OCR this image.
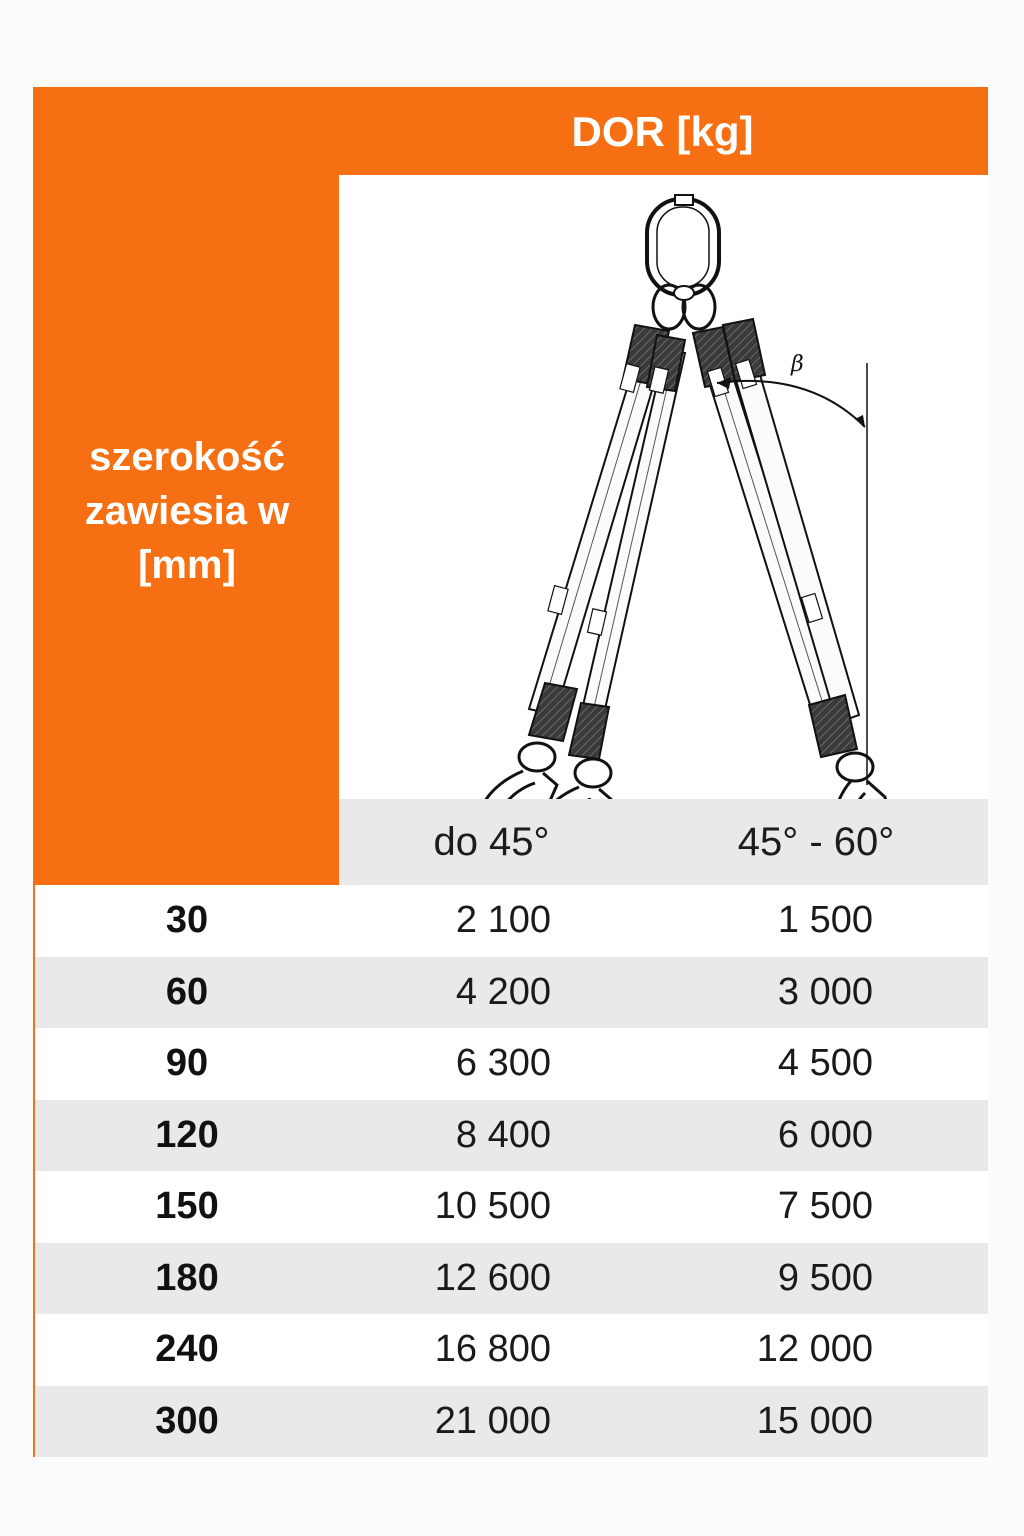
DOR [kg]
szerokość
zawiesia w
[mm]
β
do 45°	45° - 60°
30	2 100	1 500
60	4 200	3 000
90	6 300	4 500
120	8 400	6 000
150	10 500	7 500
180	12 600	9 500
240	16 800	12 000
300	21 000	15 000
